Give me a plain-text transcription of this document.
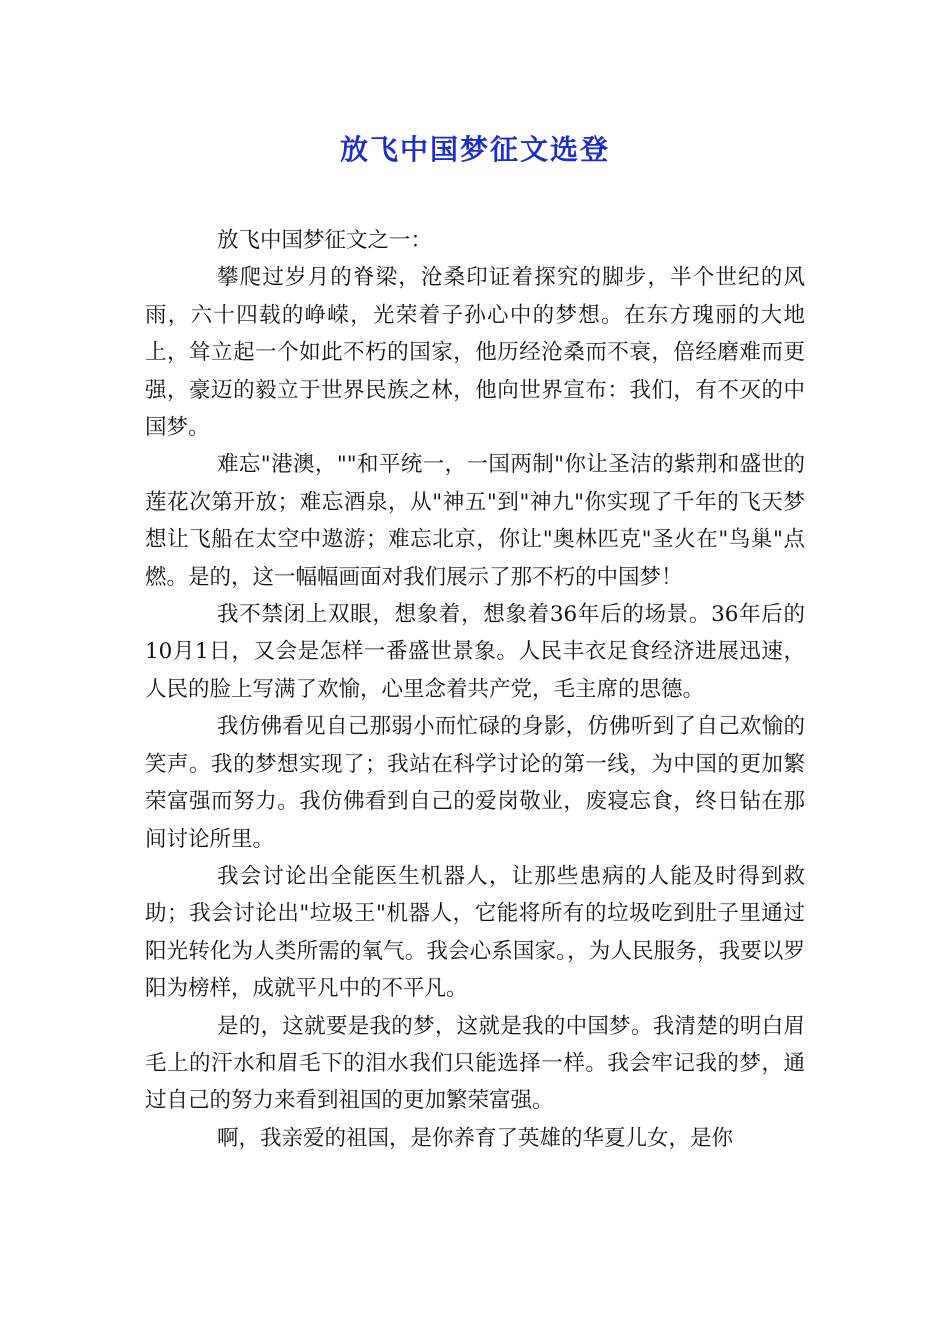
放飞中国梦征文选登

放飞中国梦征文之一：

攀爬过岁月的脊梁，沧桑印证着探究的脚步，半个世纪的风雨，六十四载的峥嵘，光荣着子孙心中的梦想。在东方瑰丽的大地上，耸立起一个如此不朽的国家，他历经沧桑而不衰，倍经磨难而更强，豪迈的毅立于世界民族之林，他向世界宣布：我们，有不灭的中国梦。

难忘"港澳，""和平统一，一国两制"你让圣洁的紫荆和盛世的莲花次第开放；难忘酒泉，从"神五"到"神九"你实现了千年的飞天梦想让飞船在太空中遨游；难忘北京，你让"奥林匹克"圣火在"鸟巢"点燃。是的，这一幅幅画面对我们展示了那不朽的中国梦！

我不禁闭上双眼，想象着，想象着36年后的场景。36年后的10月1日，又会是怎样一番盛世景象。人民丰衣足食经济进展迅速，人民的脸上写满了欢愉，心里念着共产党，毛主席的思德。

我仿佛看见自己那弱小而忙碌的身影，仿佛听到了自己欢愉的笑声。我的梦想实现了；我站在科学讨论的第一线，为中国的更加繁荣富强而努力。我仿佛看到自己的爱岗敬业，废寝忘食，终日钻在那间讨论所里。

我会讨论出全能医生机器人，让那些患病的人能及时得到救助；我会讨论出"垃圾王"机器人，它能将所有的垃圾吃到肚子里通过阳光转化为人类所需的氧气。我会心系国家。，为人民服务，我要以罗阳为榜样，成就平凡中的不平凡。

是的，这就要是我的梦，这就是我的中国梦。我清楚的明白眉毛上的汗水和眉毛下的泪水我们只能选择一样。我会牢记我的梦，通过自己的努力来看到祖国的更加繁荣富强。

啊，我亲爱的祖国，是你养育了英雄的华夏儿女，是你
